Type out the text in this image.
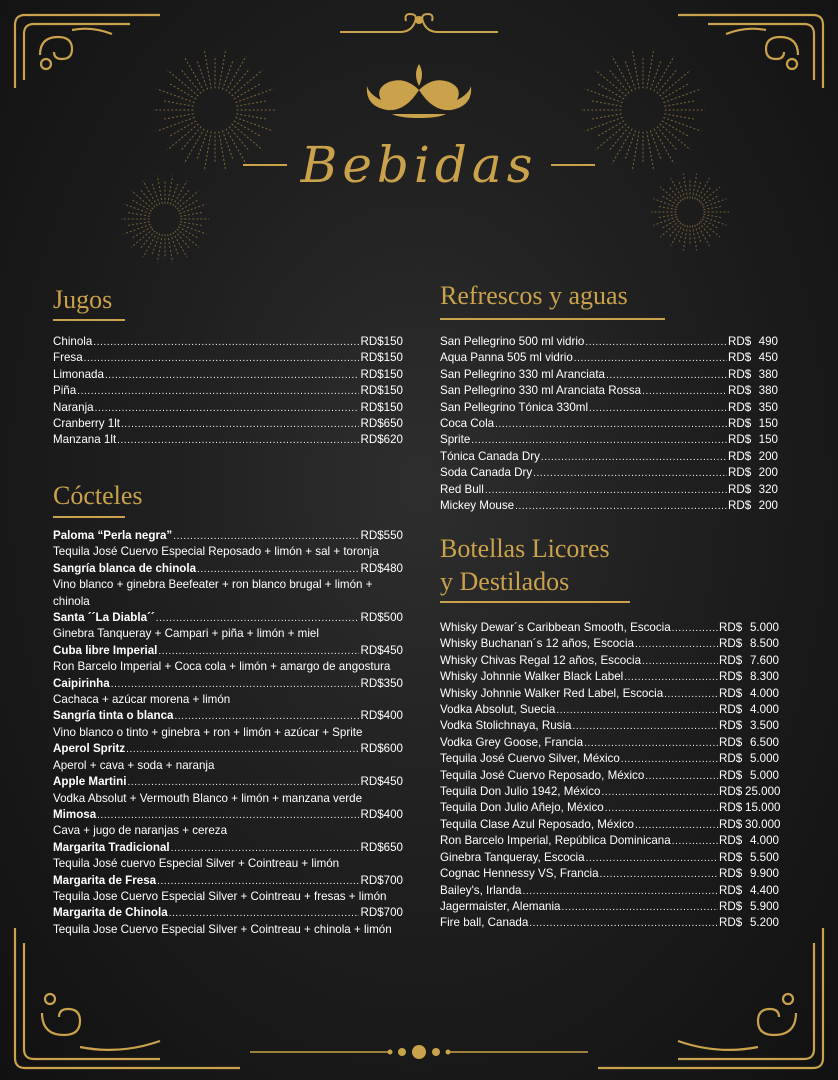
Bebidas
Jugos
Chinola .....	RD$150
Fresa .....	RD$150
Limonada .....	RD$150
Piña .....	RD$150
Naranja .....	RD$150
Cranberry 1lt .....	RD$650
Manzana 1lt .....	RD$620
Cócteles
Paloma “Perla negra” .....	RD$550
Tequila José Cuervo Especial Reposado + limón + sal + toronja
Sangría blanca de chinola .....	RD$480
Vino blanco + ginebra Beefeater + ron blanco brugal + limón + chinola
Santa ´´La Diabla´´ .....	RD$500
Ginebra Tanqueray + Campari + piña + limón + miel
Cuba libre Imperial .....	RD$450
Ron Barcelo Imperial + Coca cola + limón + amargo de angostura
Caipirinha .....	RD$350
Cachaca + azúcar morena + limón
Sangría tinta o blanca .....	RD$400
Vino blanco o tinto + ginebra + ron + limón + azúcar + Sprite
Aperol Spritz .....	RD$600
Aperol + cava + soda + naranja
Apple Martini .....	RD$450
Vodka Absolut + Vermouth Blanco + limón + manzana verde
Mimosa .....	RD$400
Cava + jugo de naranjas + cereza
Margarita Tradicional .....	RD$650
Tequila José cuervo Especial Silver + Cointreau + limón
Margarita de Fresa .....	RD$700
Tequila Jose Cuervo Especial Silver + Cointreau + fresas + limón
Margarita de Chinola .....	RD$700
Tequila Jose Cuervo Especial Silver + Cointreau + chinola + limón
Refrescos y aguas
San Pellegrino 500 ml vidrio .....	RD$ 490
Aqua Panna 505 ml vidrio .....	RD$ 450
San Pellegrino 330 ml Aranciata .....	RD$ 380
San Pellegrino 330 ml Aranciata Rossa .....	RD$ 380
San Pellegrino Tónica 330ml .....	RD$ 350
Coca Cola .....	RD$ 150
Sprite .....	RD$ 150
Tónica Canada Dry .....	RD$ 200
Soda Canada Dry .....	RD$ 200
Red Bull .....	RD$ 320
Mickey Mouse .....	RD$ 200
Botellas Licores
y Destilados
Whisky Dewar´s Caribbean Smooth, Escocia .....	RD$ 5.000
Whisky Buchanan´s 12 años, Escocia .....	RD$ 8.500
Whisky Chivas Regal 12 años, Escocia .....	RD$ 7.600
Whisky Johnnie Walker Black Label .....	RD$ 8.300
Whisky Johnnie Walker Red Label, Escocia .....	RD$ 4.000
Vodka Absolut, Suecia .....	RD$ 4.000
Vodka Stolichnaya, Rusia .....	RD$ 3.500
Vodka Grey Goose, Francia .....	RD$ 6.500
Tequila José Cuervo Silver, México .....	RD$ 5.000
Tequila José Cuervo Reposado, México .....	RD$ 5.000
Tequila Don Julio 1942, México .....	RD$ 25.000
Tequila Don Julio Añejo, México .....	RD$ 15.000
Tequila Clase Azul Reposado, México .....	RD$ 30.000
Ron Barcelo Imperial, República Dominicana .....	RD$ 4.000
Ginebra Tanqueray, Escocia .....	RD$ 5.500
Cognac Hennessy VS, Francia .....	RD$ 9.900
Bailey's, Irlanda .....	RD$ 4.400
Jagermaister, Alemania .....	RD$ 5.900
Fire ball, Canada .....	RD$ 5.200
